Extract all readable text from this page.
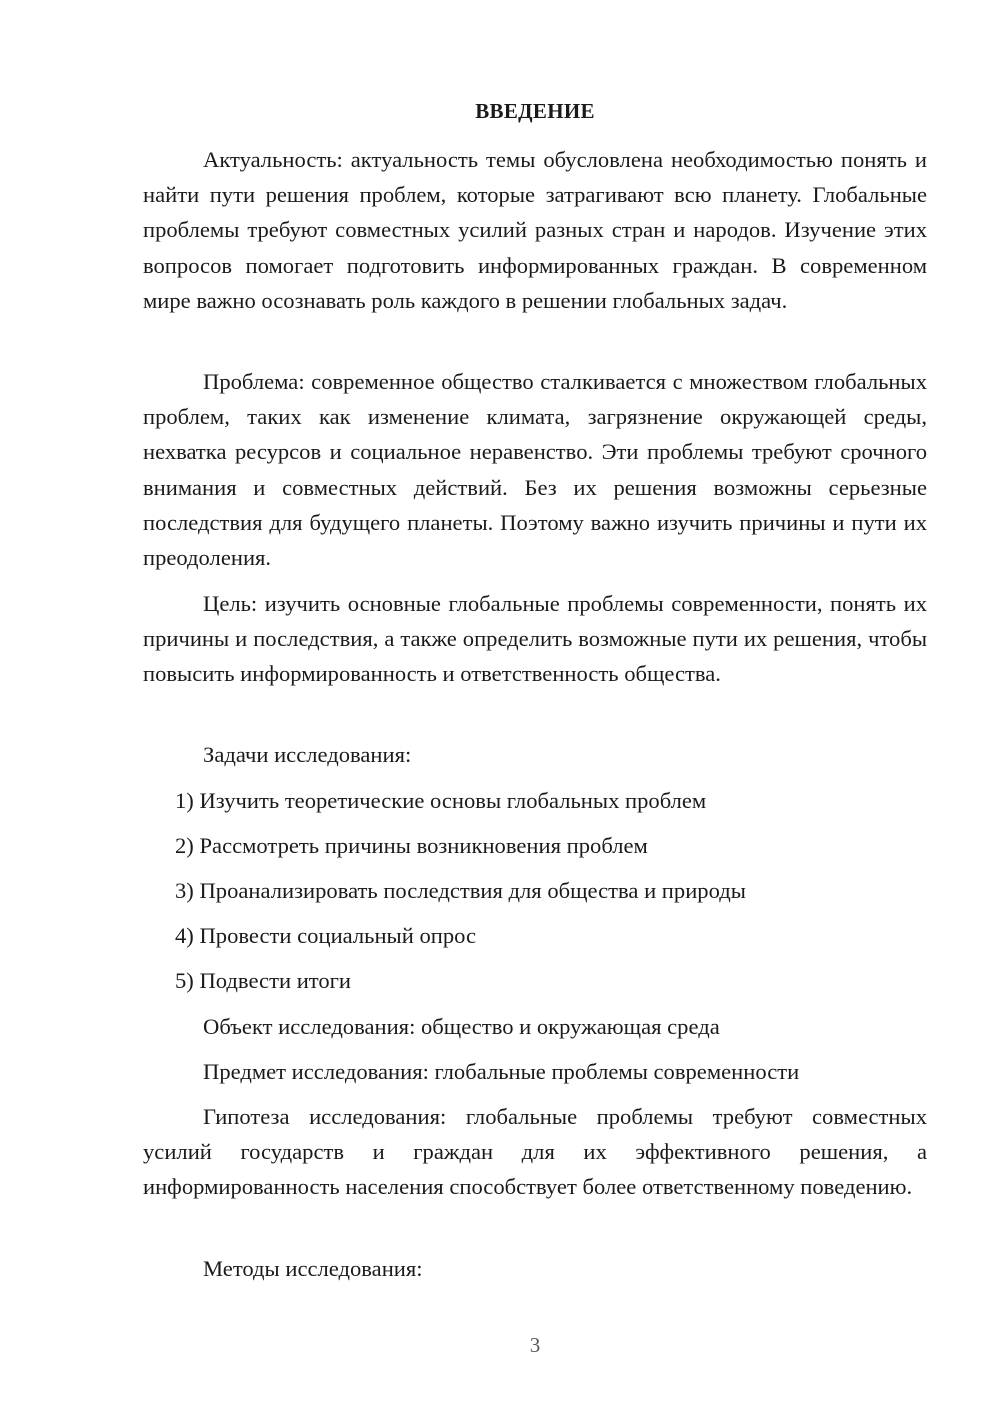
ВВЕДЕНИЕ

Актуальность: актуальность темы обусловлена необходимостью понять и найти пути решения проблем, которые затрагивают всю планету. Глобальные проблемы требуют совместных усилий разных стран и народов. Изучение этих вопросов помогает подготовить информированных граждан. В современном мире важно осознавать роль каждого в решении глобальных задач.

Проблема: современное общество сталкивается с множеством глобальных проблем, таких как изменение климата, загрязнение окружающей среды, нехватка ресурсов и социальное неравенство. Эти проблемы требуют срочного внимания и совместных действий. Без их решения возможны серьезные последствия для будущего планеты. Поэтому важно изучить причины и пути их преодоления.

Цель: изучить основные глобальные проблемы современности, понять их причины и последствия, а также определить возможные пути их решения, чтобы повысить информированность и ответственность общества.

Задачи исследования:

1) Изучить теоретические основы глобальных проблем

2) Рассмотреть причины возникновения проблем

3) Проанализировать последствия для общества и природы

4) Провести социальный опрос

5) Подвести итоги

Объект исследования: общество и окружающая среда

Предмет исследования: глобальные проблемы современности

Гипотеза исследования: глобальные проблемы требуют совместных усилий государств и граждан для их эффективного решения, а информированность населения способствует более ответственному поведению.

Методы исследования:

3
